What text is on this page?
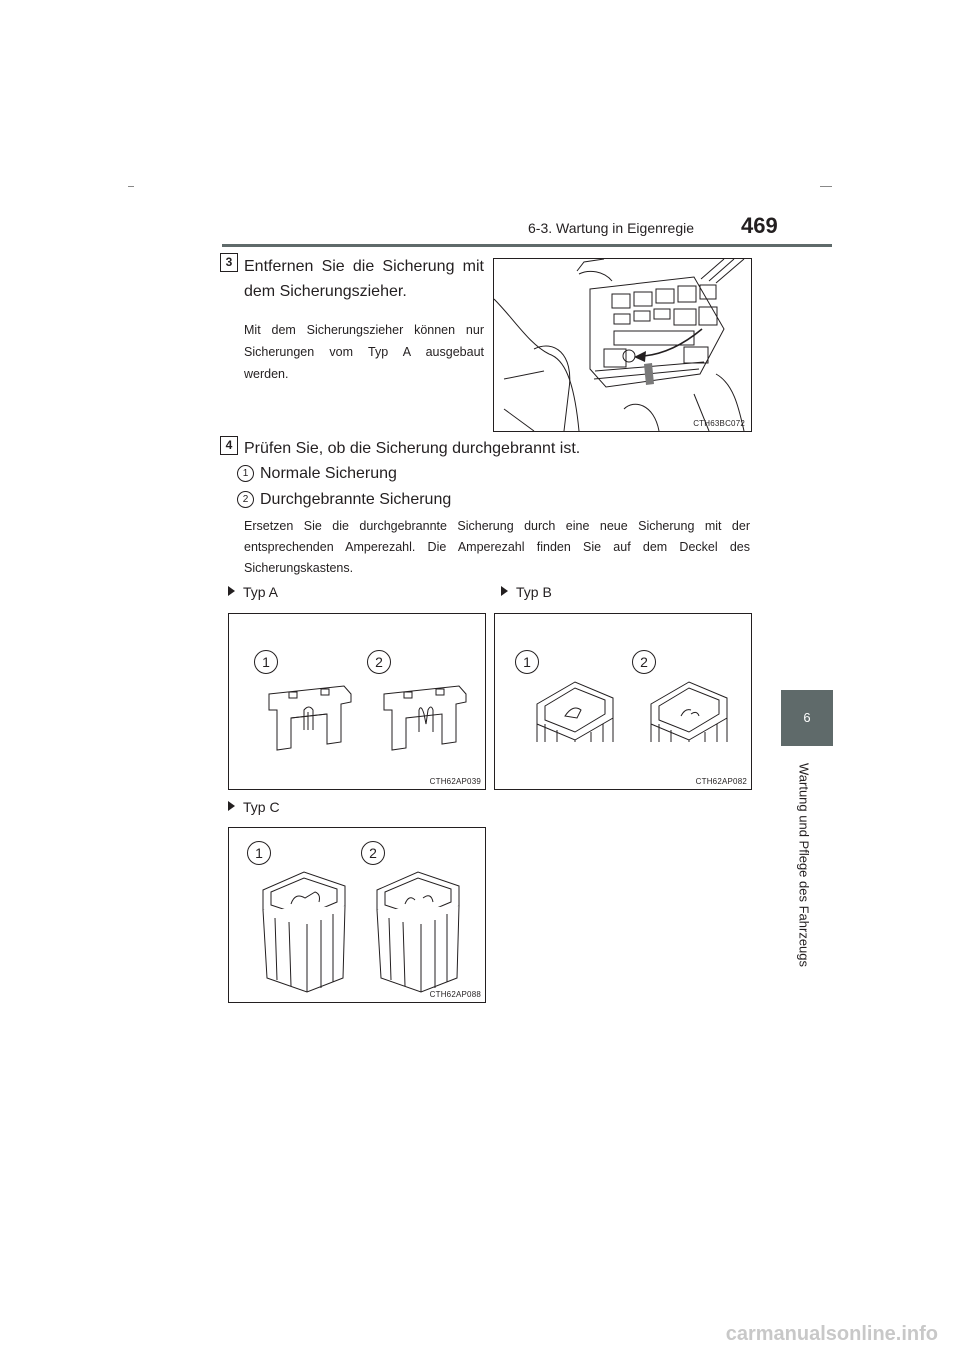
6-3. Wartung in Eigenregie 469
6
Wartung und Pflege des Fahrzeugs
3 Entfernen Sie die Sicherung mit dem Sicherungszieher.
Mit dem Sicherungszieher können nur Sicherungen vom Typ A ausgebaut werden.
CTH63BC072
4 Prüfen Sie, ob die Sicherung durchgebrannt ist.
1 Normale Sicherung
2 Durchgebrannte Sicherung
Ersetzen Sie die durchgebrannte Sicherung durch eine neue Sicherung mit der entsprechenden Amperezahl. Die Amperezahl finden Sie auf dem Deckel des Sicherungskastens.
Typ A	Typ B
1	2
CTH62AP039
1	2
CTH62AP082
Typ C
1	2
CTH62AP088
carmanualsonline.info
